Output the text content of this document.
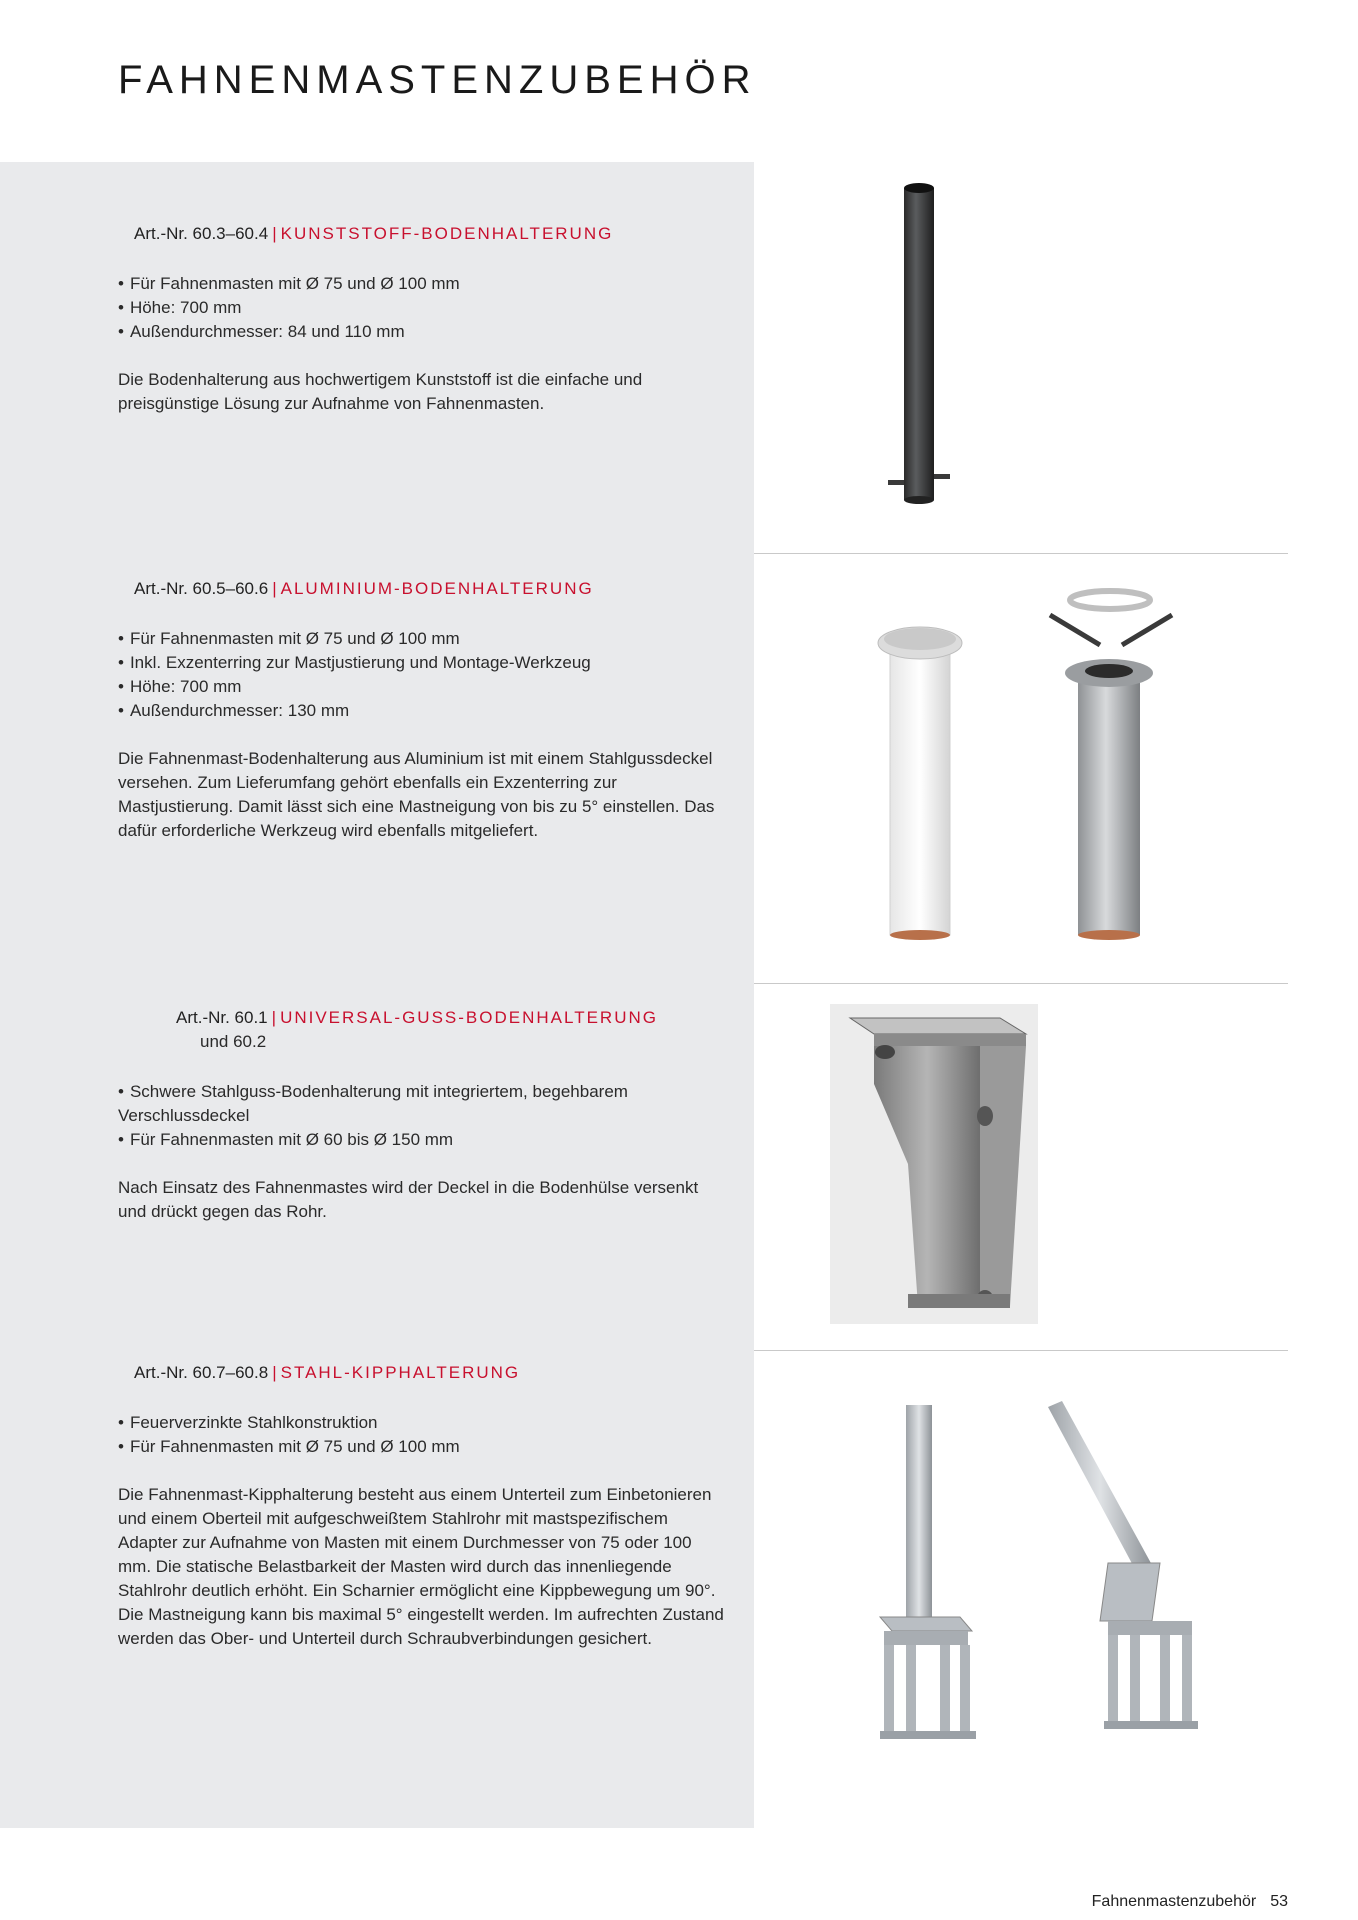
FAHNENMASTENZUBEHÖR
Art.-Nr. 60.3–60.4 | KUNSTSTOFF-BODENHALTERUNG
• Für Fahnenmasten mit Ø 75 und Ø 100 mm
• Höhe: 700 mm
• Außendurchmesser: 84 und 110 mm

Die Bodenhalterung aus hochwertigem Kunststoff ist die einfache und preisgünstige Lösung zur Aufnahme von Fahnenmasten.

Art.-Nr. 60.5–60.6 | ALUMINIUM-BODENHALTERUNG
• Für Fahnenmasten mit Ø 75 und Ø 100 mm
• Inkl. Exzenterring zur Mastjustierung und Montage-Werkzeug
• Höhe: 700 mm
• Außendurchmesser: 130 mm

Die Fahnenmast-Bodenhalterung aus Aluminium ist mit einem Stahlgussdeckel versehen. Zum Lieferumfang gehört ebenfalls ein Exzenterring zur Mastjustierung. Damit lässt sich eine Mastneigung von bis zu 5° einstellen. Das dafür erforderliche Werkzeug wird ebenfalls mitgeliefert.

Art.-Nr. 60.1 | UNIVERSAL-GUSS-BODENHALTERUNG
und 60.2
• Schwere Stahlguss-Bodenhalterung mit integriertem, begehbarem Verschlussdeckel
• Für Fahnenmasten mit Ø 60 bis Ø 150 mm

Nach Einsatz des Fahnenmastes wird der Deckel in die Bodenhülse versenkt und drückt gegen das Rohr.

Art.-Nr. 60.7–60.8 | STAHL-KIPPHALTERUNG
• Feuerverzinkte Stahlkonstruktion
• Für Fahnenmasten mit Ø 75 und Ø 100 mm

Die Fahnenmast-Kipphalterung besteht aus einem Unterteil zum Einbetonieren und einem Oberteil mit aufgeschweißtem Stahlrohr mit mastspezifischem Adapter zur Aufnahme von Masten mit einem Durchmesser von 75 oder 100 mm. Die statische Belastbarkeit der Masten wird durch das innenliegende Stahlrohr deutlich erhöht. Ein Scharnier ermöglicht eine Kippbewegung um 90°. Die Mastneigung kann bis maximal 5° eingestellt werden. Im aufrechten Zustand werden das Ober- und Unterteil durch Schraubverbindungen gesichert.

Fahnenmastenzubehör 53
